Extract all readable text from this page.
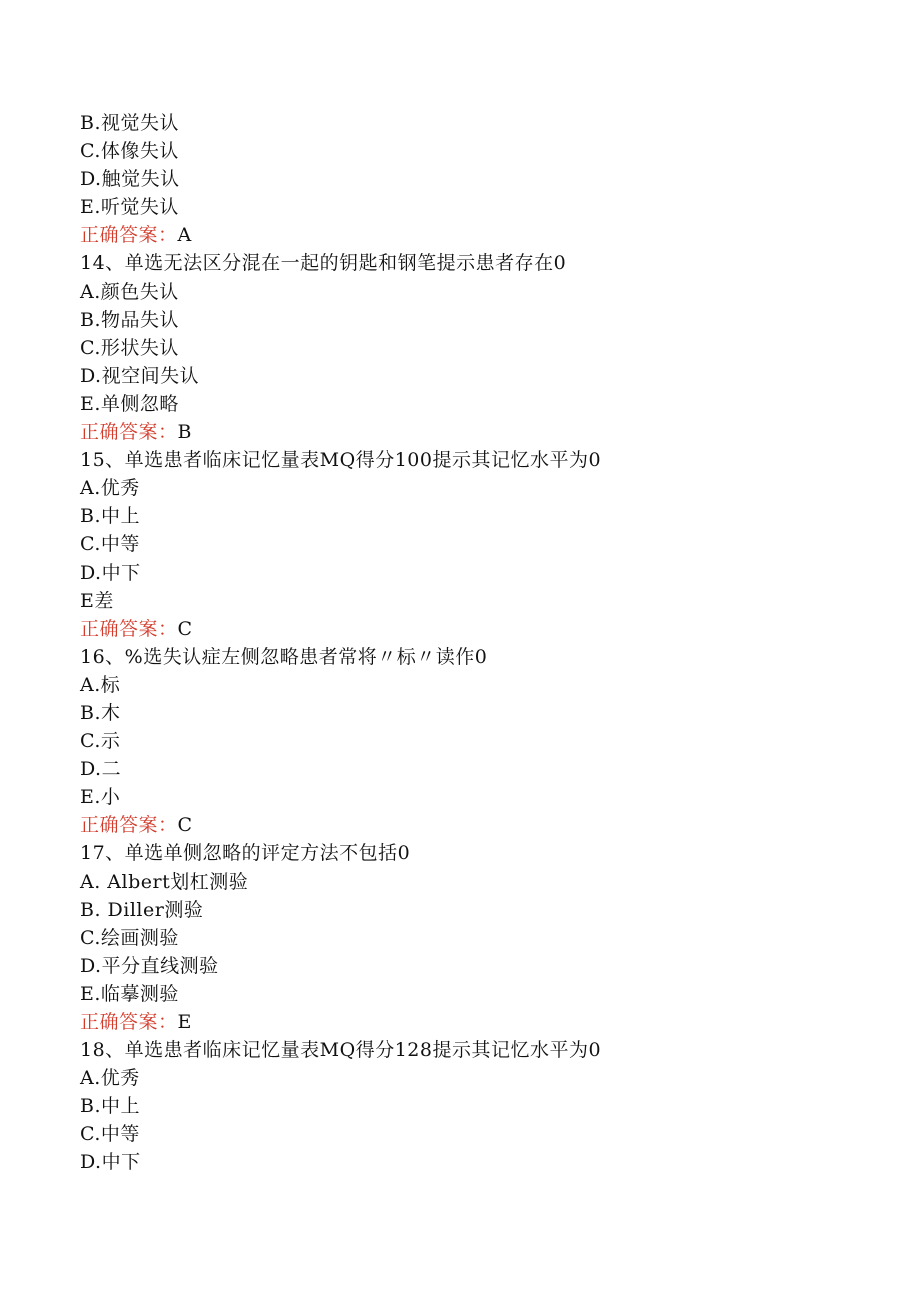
B.视觉失认
C.体像失认
D.触觉失认
E.听觉失认
正确答案：A
14、单选无法区分混在一起的钥匙和钢笔提示患者存在0
A.颜色失认
B.物品失认
C.形状失认
D.视空间失认
E.单侧忽略
正确答案：B
15、单选患者临床记忆量表MQ得分100提示其记忆水平为0
A.优秀
B.中上
C.中等
D.中下
E差
正确答案：C
16、%选失认症左侧忽略患者常将〃标〃读作0
A.标
B.木
C.示
D.二
E.小
正确答案：C
17、单选单侧忽略的评定方法不包括0
A. Albert划杠测验
B. Diller测验
C.绘画测验
D.平分直线测验
E.临摹测验
正确答案：E
18、单选患者临床记忆量表MQ得分128提示其记忆水平为0
A.优秀
B.中上
C.中等
D.中下
